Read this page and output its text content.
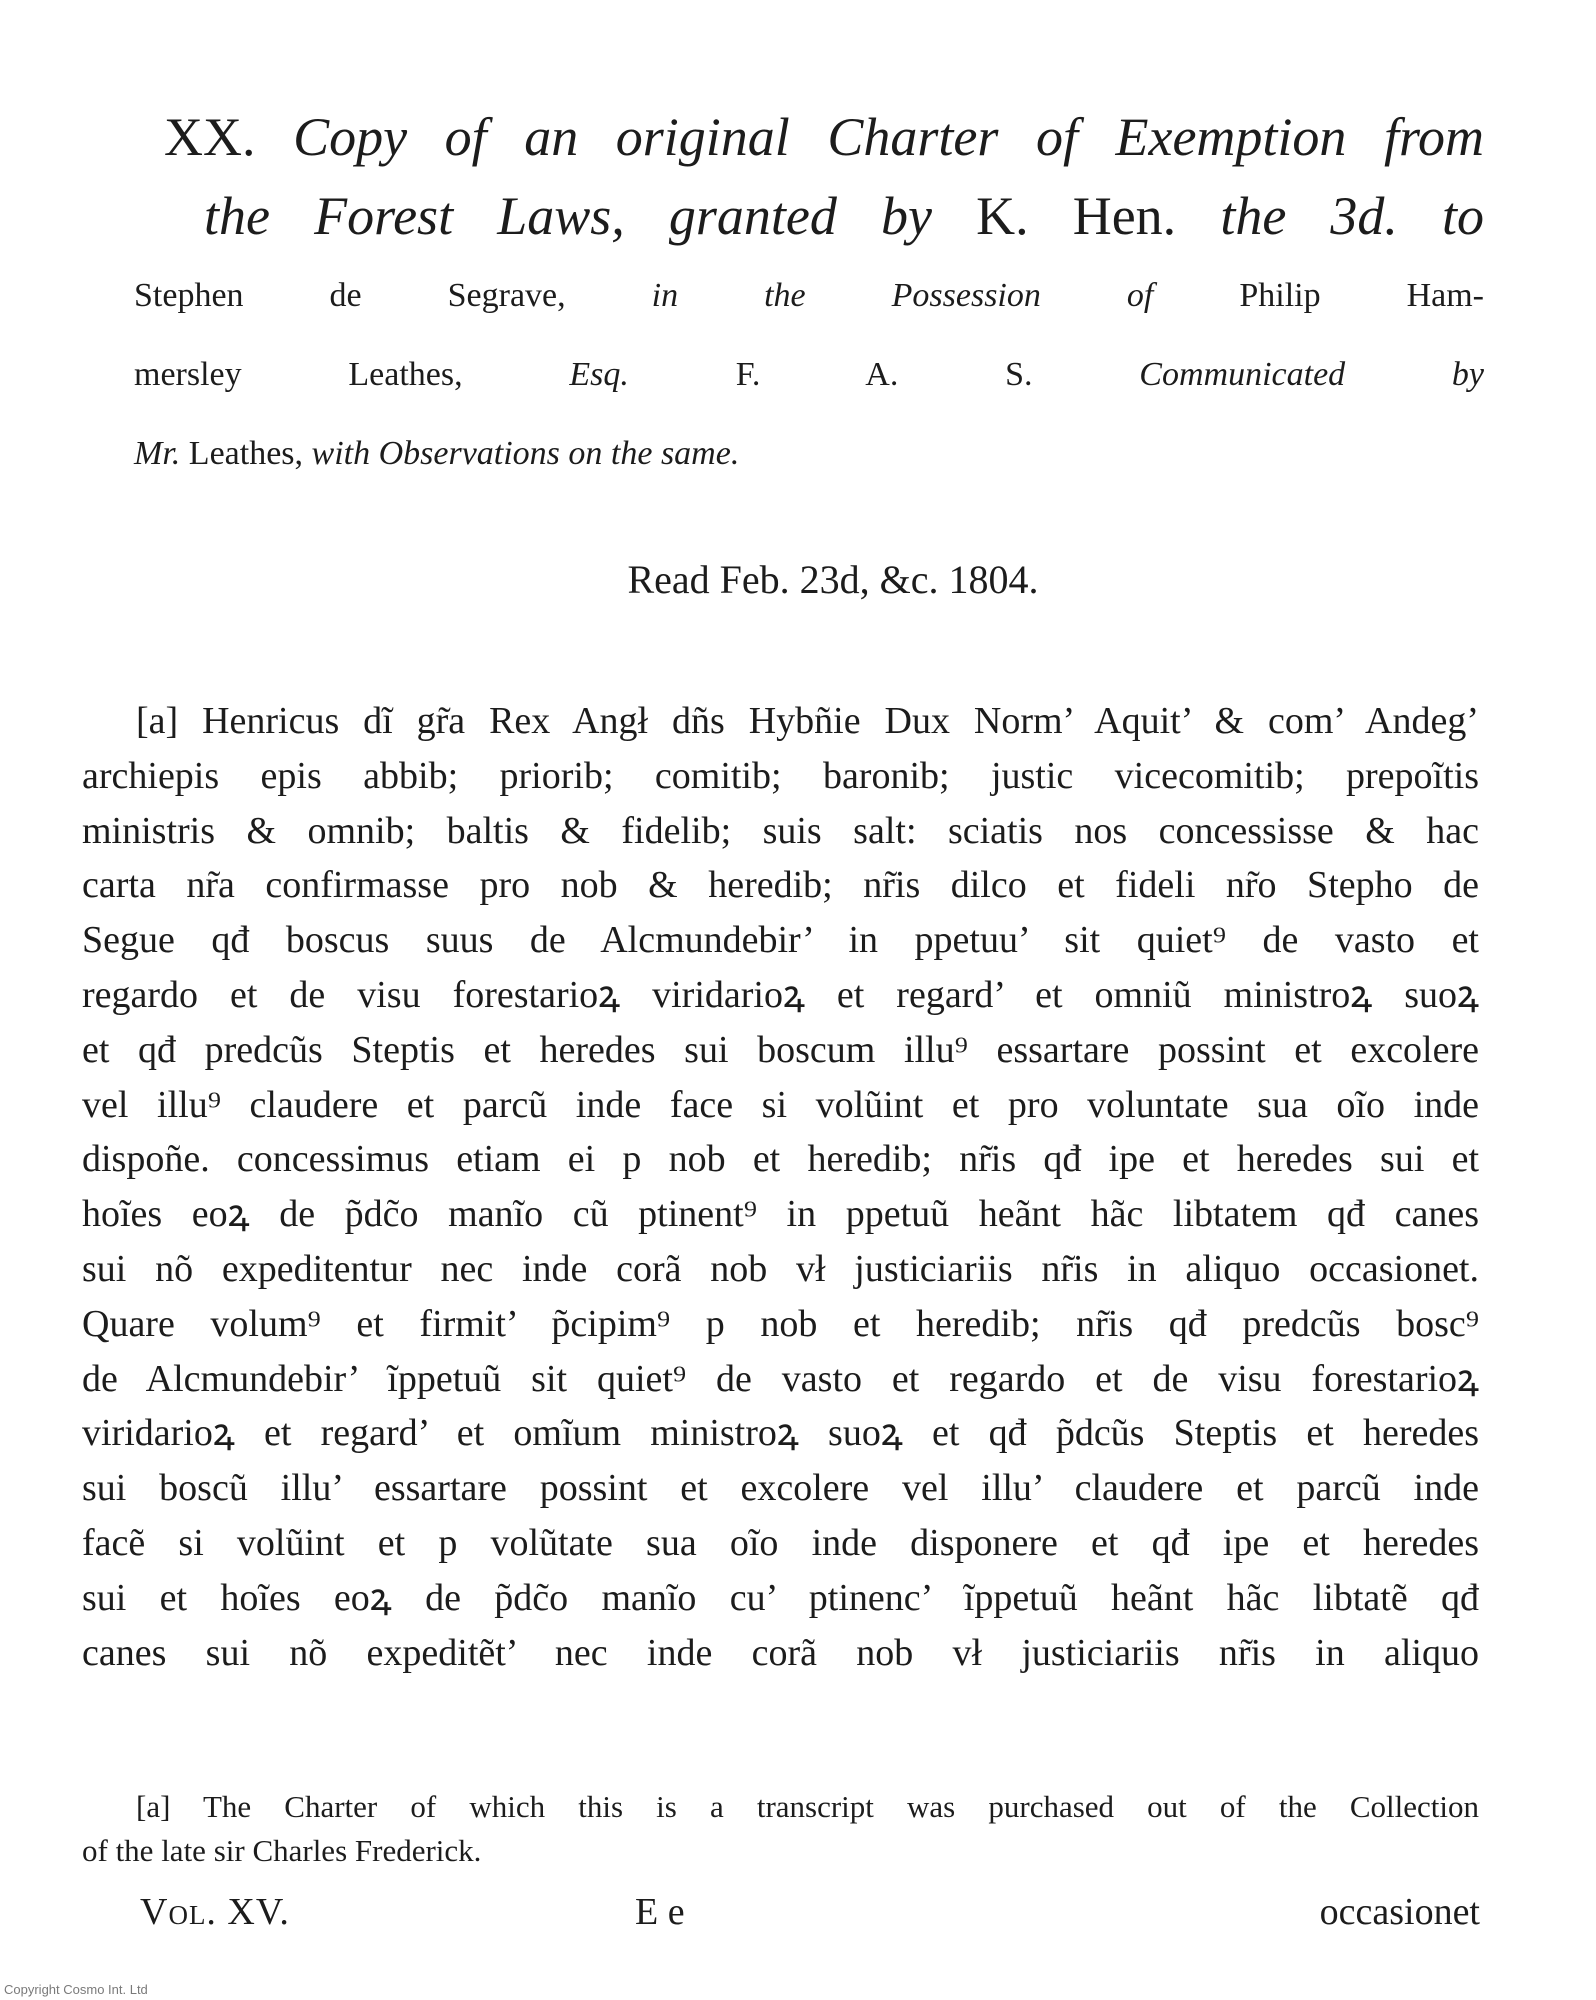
XX. Copy of an original Charter of Exemption from
the Forest Laws, granted by K. Hen. the 3d. to
Stephen de Segrave,	in the Possession of	Philip Ham-
mersley Leathes,	Esq.	F. A. S.	Communicated by
Mr. Leathes, with Observations on the same.
Read Feb. 23d, &c. 1804.
[a] Henricus dĩ gr̃a Rex Angł dñs Hybñie Dux Norm’ Aquit’ & com’ Andeg’
archiepis epis abbib; priorib; comitib; baronib; justic vicecomitib; prepoĩtis
ministris & omnib; baltis & fidelib; suis salt: sciatis nos concessisse & hac
carta nr̃a confirmasse pro nob & heredib; nr̃is dilco et fideli nr̃o Stepho de
Segue qđ boscus suus de Alcmundebir’ in ppetuu’ sit quiet⁹ de vasto et
regardo et de visu forestarioꝝ viridarioꝝ et regard’ et omniũ ministroꝝ suoꝝ
et qđ predcũs Steptis et heredes sui boscum illu⁹ essartare possint et excolere
vel illu⁹ claudere et parcũ inde face si volũint et pro voluntate sua oĩo inde
dispoñe. concessimus etiam ei p nob et heredib; nr̃is qđ ipe et heredes sui et
hoĩes eoꝝ de p̃dc̃o manĩo cũ ptinent⁹ in ppetuũ heãnt hãc libtatem qđ canes
sui nõ expeditentur nec inde corã nob vł justiciariis nr̃is in aliquo occasionet.
Quare volum⁹ et firmit’ p̃cipim⁹ p nob et heredib; nr̃is qđ predcũs bosc⁹
de Alcmundebir’ ĩppetuũ sit quiet⁹ de vasto et regardo et de visu forestarioꝝ
viridarioꝝ et regard’ et omĩum ministroꝝ suoꝝ et qđ p̃dcũs Steptis et heredes
sui boscũ illu’ essartare possint et excolere vel illu’ claudere et parcũ inde
facẽ si volũint et p volũtate sua oĩo inde disponere et qđ ipe et heredes
sui et hoĩes eoꝝ de p̃dc̃o manĩo cu’ ptinenc’ ĩppetuũ heãnt hãc libtatẽ qđ
canes sui nõ expeditẽt’ nec inde corã nob vł justiciariis nr̃is in aliquo
[a] The Charter of which this is a transcript was purchased out of the Collection
of the late sir Charles Frederick.
Vol. XV.	E e	occasionet
Copyright Cosmo Int. Ltd
